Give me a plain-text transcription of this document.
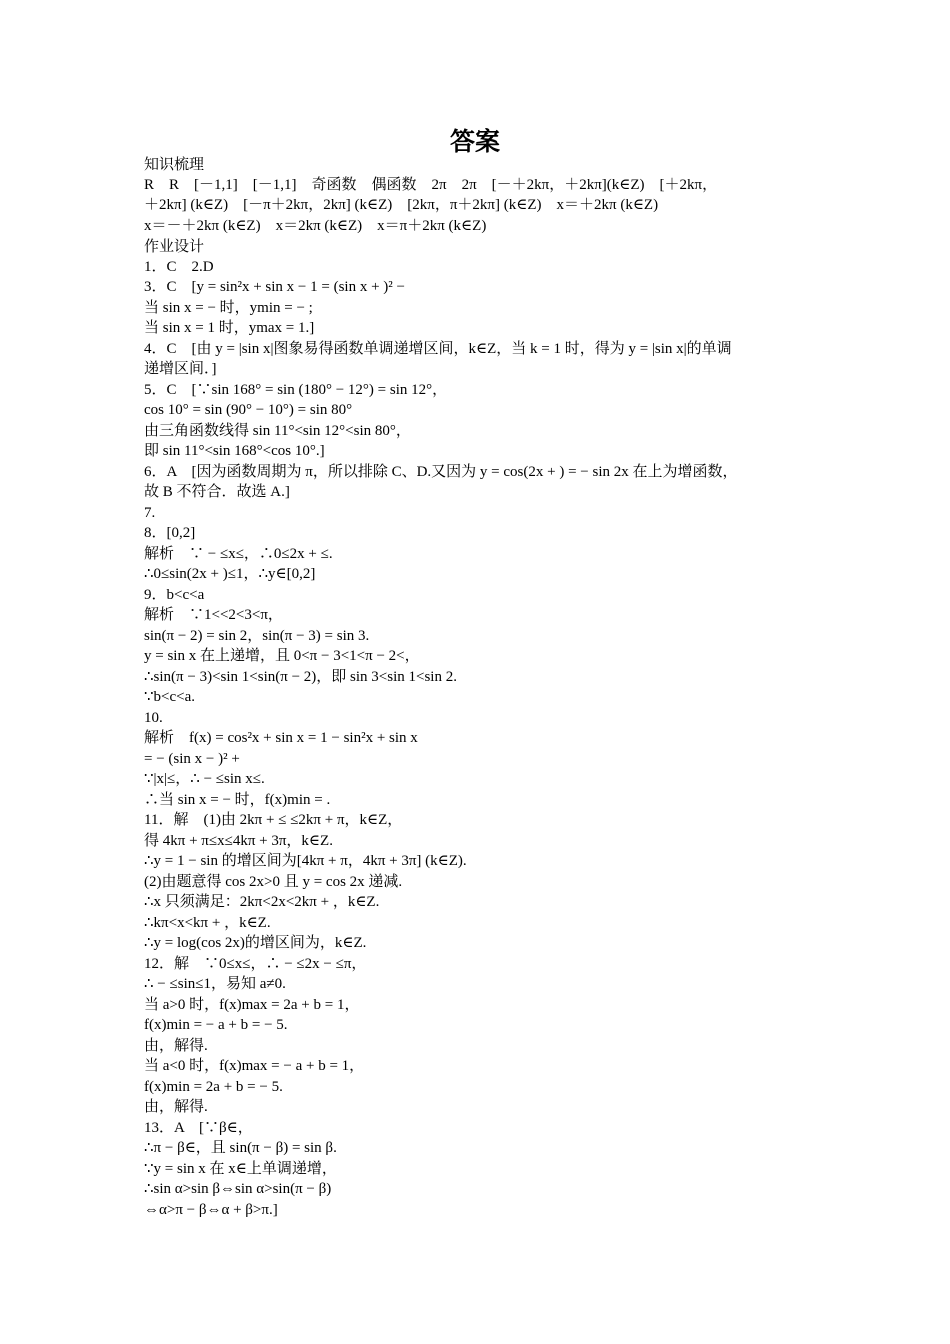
答案
知识梳理
R　R　[－1,1]　[－1,1]　奇函数　偶函数　2π　2π　[－＋2kπ，＋2kπ](k∈Z)　[＋2kπ，
＋2kπ] (k∈Z)　[－π＋2kπ，2kπ] (k∈Z)　[2kπ，π＋2kπ] (k∈Z)　x＝＋2kπ (k∈Z)
x＝－＋2kπ (k∈Z)　x＝2kπ (k∈Z)　x＝π＋2kπ (k∈Z)
作业设计
1．C　2.D
3．C　[y = sin²x + sin x − 1 = (sin x + )² −
当 sin x = − 时，ymin = − ;
当 sin x = 1 时，ymax = 1.]
4．C　[由 y = |sin x|图象易得函数单调递增区间，k∈Z，当 k = 1 时，得为 y = |sin x|的单调
递增区间．]
5．C　[∵sin 168° = sin (180° − 12°) = sin 12°，
cos 10° = sin (90° − 10°) = sin 80°
由三角函数线得 sin 11°<sin 12°<sin 80°，
即 sin 11°<sin 168°<cos 10°.]
6．A　[因为函数周期为 π，所以排除 C、D.又因为 y = cos(2x + ) = − sin 2x 在上为增函数，
故 B 不符合．故选 A.]
7.
8．[0,2]
解析　∵ − ≤x≤，∴0≤2x + ≤.
∴0≤sin(2x + )≤1，∴y∈[0,2]
9．b<c<a
解析　∵1<<2<3<π，
sin(π − 2) = sin 2，sin(π − 3) = sin 3.
y = sin x 在上递增，且 0<π − 3<1<π − 2<，
∴sin(π − 3)<sin 1<sin(π − 2)，即 sin 3<sin 1<sin 2.
∵b<c<a.
10.
解析　f(x) = cos²x + sin x = 1 − sin²x + sin x
= − (sin x − )² +
∵|x|≤，∴ − ≤sin x≤.
∴当 sin x = − 时，f(x)min = .
11．解　(1)由 2kπ + ≤ ≤2kπ + π，k∈Z，
得 4kπ + π≤x≤4kπ + 3π，k∈Z.
∴y = 1 − sin 的增区间为[4kπ + π，4kπ + 3π] (k∈Z).
(2)由题意得 cos 2x>0 且 y = cos 2x 递减.
∴x 只须满足：2kπ<2x<2kπ + ，k∈Z.
∴kπ<x<kπ + ，k∈Z.
∴y = log(cos 2x)的增区间为，k∈Z.
12．解　∵0≤x≤，∴ − ≤2x − ≤π，
∴ − ≤sin≤1，易知 a≠0.
当 a>0 时，f(x)max = 2a + b = 1，
f(x)min = − a + b = − 5.
由，解得.
当 a<0 时，f(x)max = − a + b = 1，
f(x)min = 2a + b = − 5.
由，解得.
13．A　[∵β∈，
∴π − β∈，且 sin(π − β) = sin β.
∵y = sin x 在 x∈上单调递增，
∴sin α>sin β⇔sin α>sin(π − β)
⇔α>π − β⇔α + β>π.]
